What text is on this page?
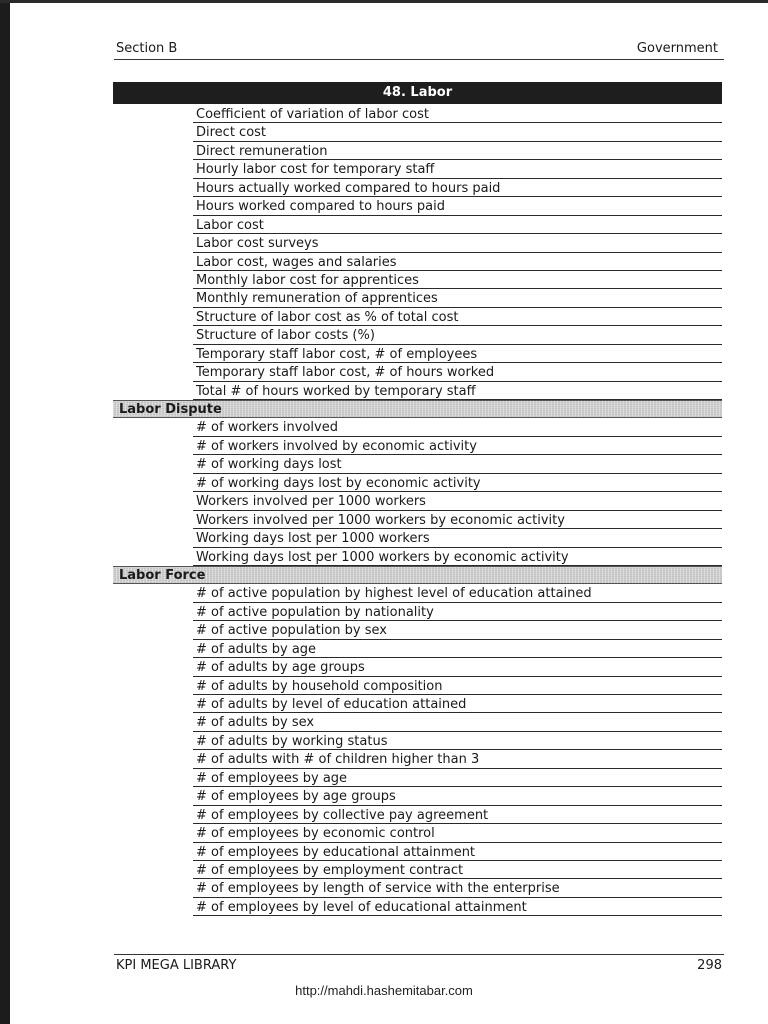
Section B	Government
48. Labor
Coefficient of variation of labor cost
Direct cost
Direct remuneration
Hourly labor cost for temporary staff
Hours actually worked compared to hours paid
Hours worked compared to hours paid
Labor cost
Labor cost surveys
Labor cost, wages and salaries
Monthly labor cost for apprentices
Monthly remuneration of apprentices
Structure of labor cost as % of total cost
Structure of labor costs (%)
Temporary staff labor cost, # of employees
Temporary staff labor cost, # of hours worked
Total # of hours worked by temporary staff
Labor Dispute
# of workers involved
# of workers involved by economic activity
# of working days lost
# of working days lost by economic activity
Workers involved per 1000 workers
Workers involved per 1000 workers by economic activity
Working days lost per 1000 workers
Working days lost per 1000 workers by economic activity
Labor Force
# of active population by highest level of education attained
# of active population by nationality
# of active population by sex
# of adults by age
# of adults by age groups
# of adults by household composition
# of adults by level of education attained
# of adults by sex
# of adults by working status
# of adults with # of children higher than 3
# of employees by age
# of employees by age groups
# of employees by collective pay agreement
# of employees by economic control
# of employees by educational attainment
# of employees by employment contract
# of employees by length of service with the enterprise
# of employees by level of educational attainment
KPI MEGA LIBRARY	298
http://mahdi.hashemitabar.com
